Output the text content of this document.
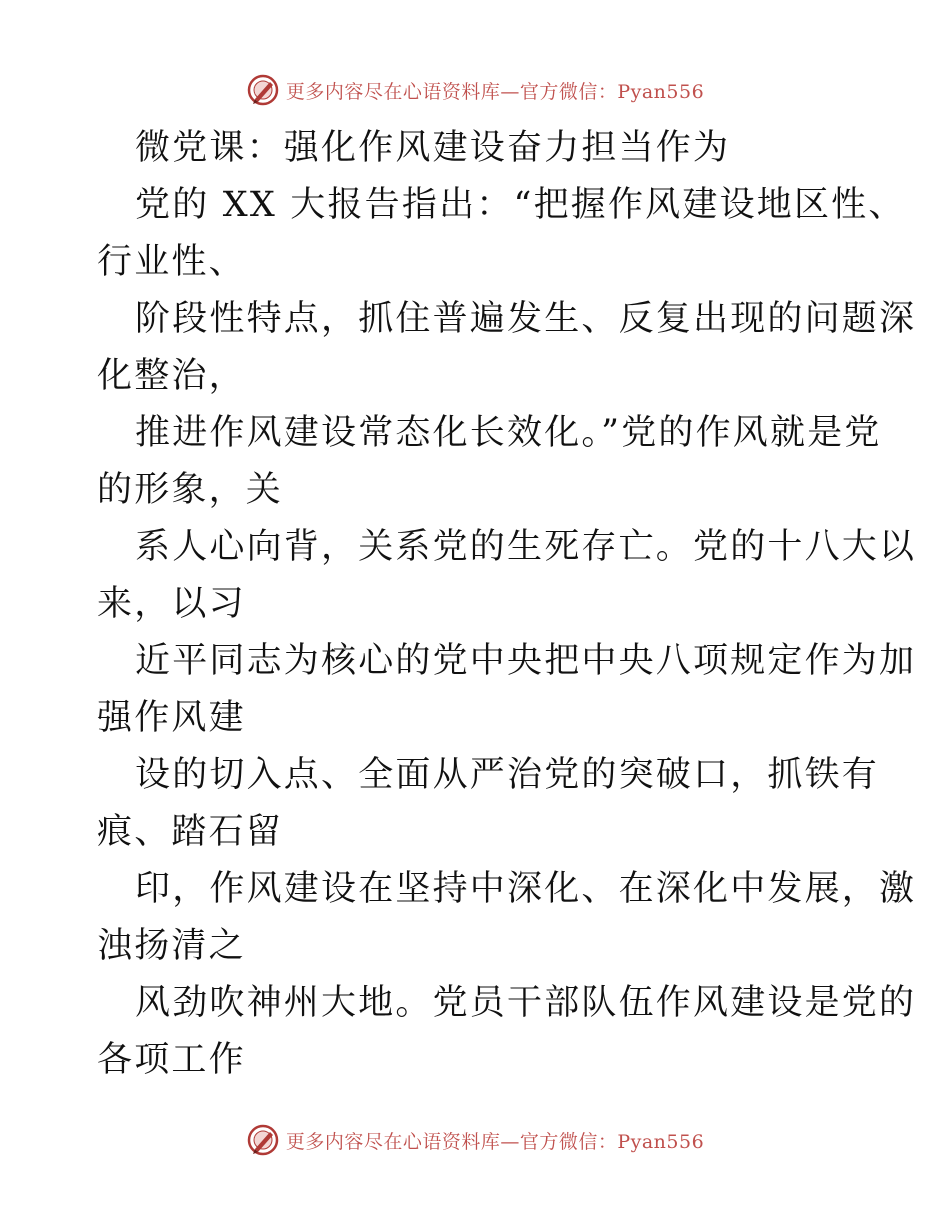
更多内容尽在心语资料库—官方微信：Pyan556
微党课：强化作风建设奋力担当作为
党的 XX 大报告指出：“把握作风建设地区性、
行业性、
阶段性特点，抓住普遍发生、反复出现的问题深
化整治，
推进作风建设常态化长效化。”党的作风就是党
的形象，关
系人心向背，关系党的生死存亡。党的十八大以
来，以习
近平同志为核心的党中央把中央八项规定作为加
强作风建
设的切入点、全面从严治党的突破口，抓铁有
痕、踏石留
印，作风建设在坚持中深化、在深化中发展，激
浊扬清之
风劲吹神州大地。党员干部队伍作风建设是党的
各项工作
更多内容尽在心语资料库—官方微信：Pyan556
